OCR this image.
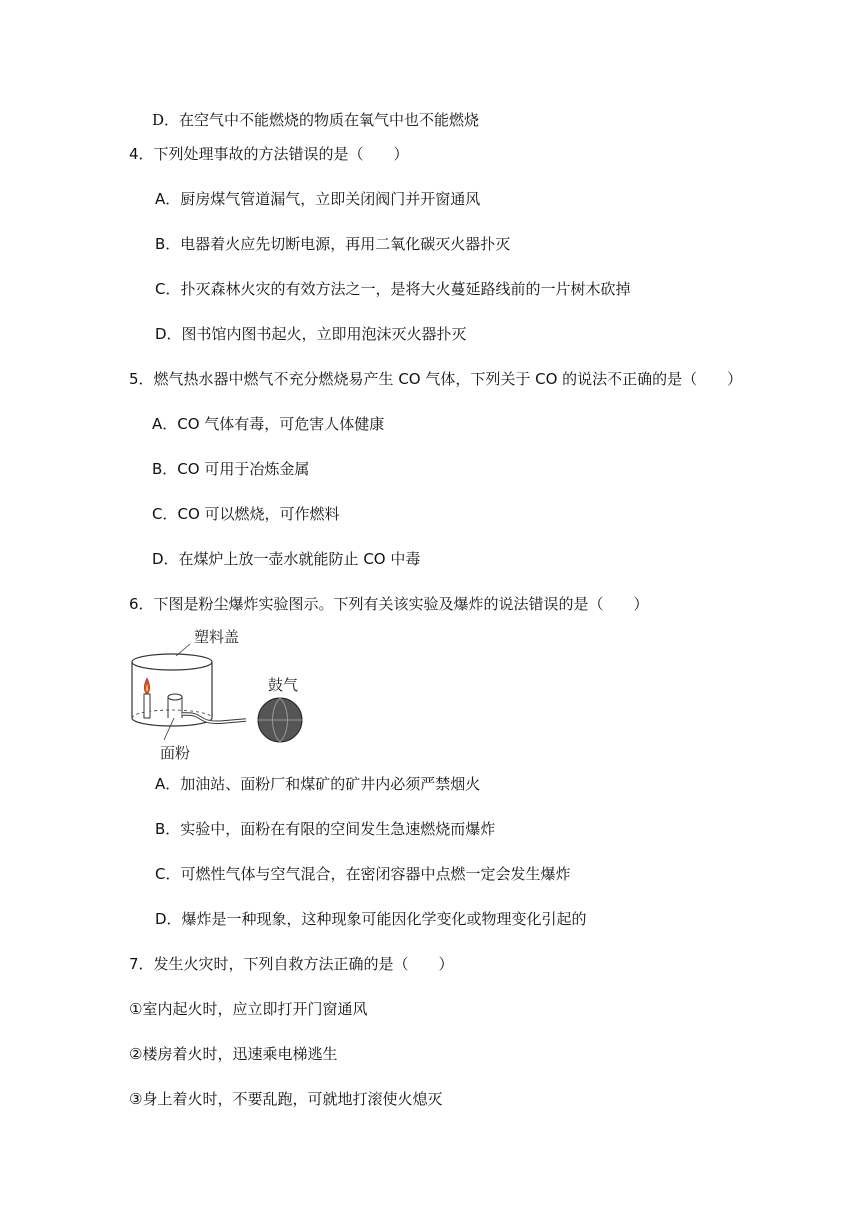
D．在空气中不能燃烧的物质在氧气中也不能燃烧
4．下列处理事故的方法错误的是（　　）
A．厨房煤气管道漏气，立即关闭阀门并开窗通风
B．电器着火应先切断电源，再用二氧化碳灭火器扑灭
C．扑灭森林火灾的有效方法之一，是将大火蔓延路线前的一片树木砍掉
D．图书馆内图书起火，立即用泡沫灭火器扑灭
5．燃气热水器中燃气不充分燃烧易产生 CO 气体，下列关于 CO 的说法不正确的是（　　）
A．CO 气体有毒，可危害人体健康
B．CO 可用于冶炼金属
C．CO 可以燃烧，可作燃料
D．在煤炉上放一壶水就能防止 CO 中毒
6．下图是粉尘爆炸实验图示。下列有关该实验及爆炸的说法错误的是（　　）
塑料盖
鼓气
面粉
A．加油站、面粉厂和煤矿的矿井内必须严禁烟火
B．实验中，面粉在有限的空间发生急速燃烧而爆炸
C．可燃性气体与空气混合，在密闭容器中点燃一定会发生爆炸
D．爆炸是一种现象，这种现象可能因化学变化或物理变化引起的
7．发生火灾时，下列自救方法正确的是（　　）
①室内起火时，应立即打开门窗通风
②楼房着火时，迅速乘电梯逃生
③身上着火时，不要乱跑，可就地打滚使火熄灭
